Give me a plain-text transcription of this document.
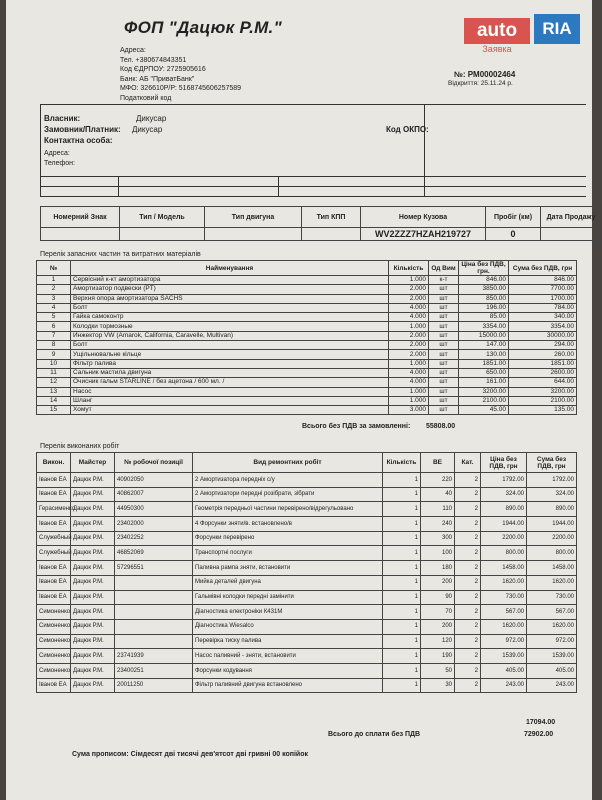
ФОП "Дацюк Р.М."
Адреса:
Тел. +380674843351
Код ЄДРПОУ: 2725905616
Банк: АБ "ПриватБанк"
МФО: 326610Р/Р: 5168745606257589
Податковий код
auto	RIA
Заявка
№: РМ00002464
Відкриття: 25.11.24 р.
Власник:	Дикусар
Замовник/Платник: Дикусар	Код ОКПО:
Контактна особа:
Адреса:
Телефон:
Номерний Знак	Тип / Модель	Тип двигуна	Тип КПП	Номер Кузова	Пробіг (км)	Дата Продажу
				WV2ZZZ7HZAH219727	0	
Перелік запасних частин та витратних матеріалів
№	Найменування	Кількість	Од Вим	Ціна без ПДВ, грн.	Сума без ПДВ, грн
1	Сервісний к-кт амортизатора	1.000	к-т	846.00	846.00
2	Амортизатор подвески (PT)	2.000	шт	3850.00	7700.00
3	Верхня опора амортизатора SACHS	2.000	шт	850.00	1700.00
4	Болт	4.000	шт	196.00	784.00
5	Гайка самоконтр	4.000	шт	85.00	340.00
6	Колодки тормозные	1.000	шт	3354.00	3354.00
7	Инжектор VW (Amarok, California, Caravelle, Multivan)	2.000	шт	15000.00	30000.00
8	Болт	2.000	шт	147.00	294.00
9	Ущільнювальне кільце	2.000	шт	130.00	260.00
10	Фільтр палива	1.000	шт	1851.00	1851.00
11	Сальник мастила двигуна	4.000	шт	650.00	2600.00
12	Очисник гальм STARLINE / без ацетона / 600 мл. /	4.000	шт	161.00	644.00
13	Насос	1.000	шт	3200.00	3200.00
14	Шланг	1.000	шт	2100.00	2100.00
15	Хомут	3.000	шт	45.00	135.00
Всього без ПДВ за замовленні: 55808.00
Перелік виконаних робіт
Викон.	Майстер	№ робочої позиції	Вид ремонтних робіт	Кількість	ВЕ	Кат.	Ціна без ПДВ, грн	Сума без ПДВ, грн
Іванов ЕА	Дацюк Р.М.	40902050	2 Амортизатора передніх с/у	1	220	2	1792.00	1792.00
Іванов ЕА	Дацюк Р.М.	40862007	2 Амортизатори передні розібрати, зібрати	1	40	2	324.00	324.00
Герасименко	Дацюк Р.М.	44950300	Геометрія передньої частини перевірено/відрегульовано	1	110	2	890.00	890.00
Іванов ЕА	Дацюк Р.М.	23402000	4 Форсунки зняти/в. встановлено/в	1	240	2	1944.00	1944.00
Служебный	Дацюк Р.М.	23402252	Форсунки перевірено	1	300	2	2200.00	2200.00
Служебный	Дацюк Р.М.	46852069	Транспортні послуги	1	100	2	800.00	800.00
Іванов ЕА	Дацюк Р.М.	57296551	Паливна рампа зняти, встановити	1	180	2	1458.00	1458.00
Іванов ЕА	Дацюк Р.М.		Мийка деталей двигуна	1	200	2	1620.00	1620.00
Іванов ЕА	Дацюк Р.М.		Гальмівні колодки передні замінити	1	90	2	730.00	730.00
Симоненко	Дацюк Р.М.		Діагностика електроніки К431М	1	70	2	567.00	567.00
Симоненко	Дацюк Р.М.		Діагностика Wiesalco	1	200	2	1620.00	1620.00
Симоненко	Дацюк Р.М.		Перевірка тиску палива	1	120	2	972.00	972.00
Симоненко	Дацюк Р.М.	23741939	Насос паливний - зняти, встановити	1	190	2	1539.00	1539.00
Симоненко	Дацюк Р.М.	23400251	Форсунки кодування	1	50	2	405.00	405.00
Іванов ЕА	Дацюк Р.М.	20011250	Фільтр паливний двигуна встановлено	1	30	2	243.00	243.00
17094.00
Всього до сплати без ПДВ	72902.00
Сума прописом: Сімдесят дві тисячі дев'ятсот дві гривні 00 копійок
